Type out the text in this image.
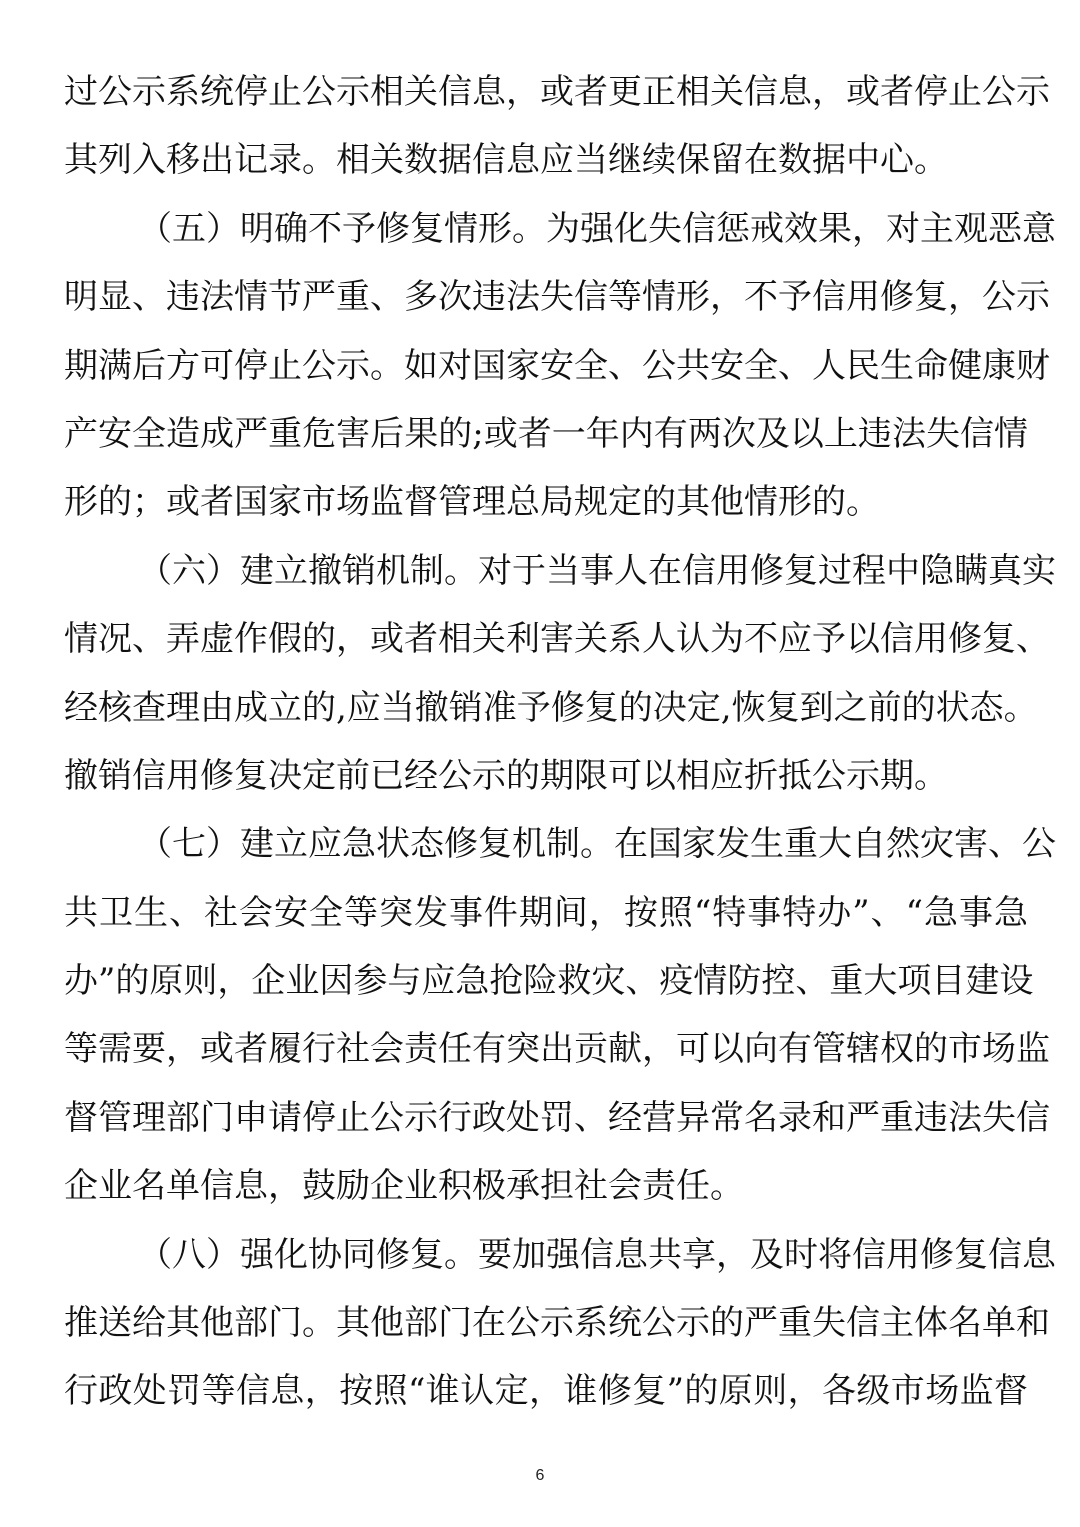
过公示系统停止公示相关信息，或者更正相关信息，或者停止公示
其列入移出记录。相关数据信息应当继续保留在数据中心。
（五）明确不予修复情形。为强化失信惩戒效果，对主观恶意
明显、违法情节严重、多次违法失信等情形，不予信用修复，公示
期满后方可停止公示。如对国家安全、公共安全、人民生命健康财
产安全造成严重危害后果的;或者一年内有两次及以上违法失信情
形的；或者国家市场监督管理总局规定的其他情形的。
（六）建立撤销机制。对于当事人在信用修复过程中隐瞒真实
情况、弄虚作假的，或者相关利害关系人认为不应予以信用修复、
经核查理由成立的,应当撤销准予修复的决定,恢复到之前的状态。
撤销信用修复决定前已经公示的期限可以相应折抵公示期。
（七）建立应急状态修复机制。在国家发生重大自然灾害、公
共卫生、社会安全等突发事件期间，按照“特事特办”、“急事急
办”的原则，企业因参与应急抢险救灾、疫情防控、重大项目建设
等需要，或者履行社会责任有突出贡献，可以向有管辖权的市场监
督管理部门申请停止公示行政处罚、经营异常名录和严重违法失信
企业名单信息，鼓励企业积极承担社会责任。
（八）强化协同修复。要加强信息共享，及时将信用修复信息
推送给其他部门。其他部门在公示系统公示的严重失信主体名单和
行政处罚等信息，按照“谁认定，谁修复”的原则，各级市场监督
6
